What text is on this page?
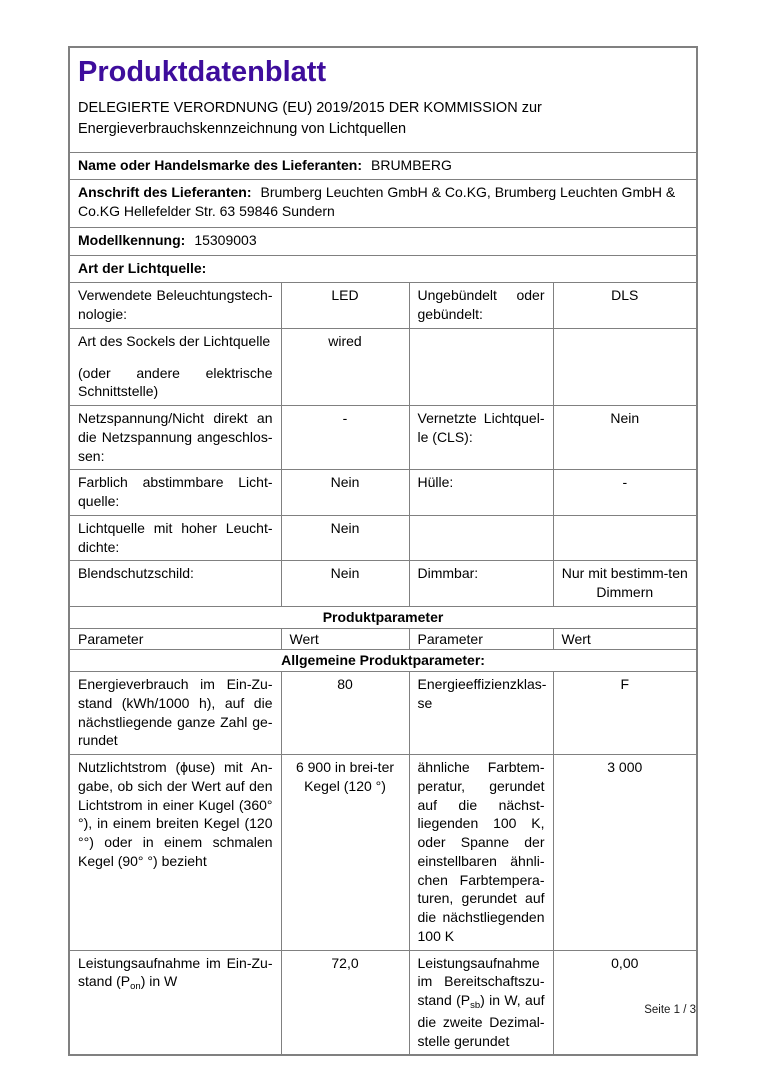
Produktdatenblatt
DELEGIERTE VERORDNUNG (EU) 2019/2015 DER KOMMISSION zur
Energieverbrauchskennzeichnung von Lichtquellen			

Name oder Handelsmarke des Lieferanten: BRUMBERG			
Anschrift des Lieferanten: Brumberg Leuchten GmbH & Co.KG, Brumberg Leuchten GmbH & Co.KG Hellefelder Str. 63 59846 Sundern			
Modellkennung: 15309003			
Art der Lichtquelle:			
Verwendete Beleuchtungstech-nologie:	LED	Ungebündelt oder gebündelt:	DLS

Art des Sockels der Lichtquelle
(oder andere elektrische Schnittstelle)	wired		
Netzspannung/Nicht direkt an die Netzspannung angeschlos-sen:	-	Vernetzte Lichtquel-le (CLS):	Nein
Farblich abstimmbare Licht-quelle:	Nein	Hülle:	-
Lichtquelle mit hoher Leucht-dichte:	Nein		
Blendschutzschild:	Nein	Dimmbar:	Nur mit bestimm-ten Dimmern
Produktparameter			
Parameter	Wert	Parameter	Wert
Allgemeine Produktparameter:			
Energieverbrauch im Ein-Zu-stand (kWh/1000 h), auf die nächstliegende ganze Zahl ge-rundet	80	Energieeffizienzklas-se	F
Nutzlichtstrom (ϕuse) mit An-gabe, ob sich der Wert auf den Lichtstrom in einer Kugel (360° °), in einem breiten Kegel (120 °°) oder in einem schmalen Kegel (90° °) bezieht	6 900 in brei-ter Kegel (120 °)	ähnliche Farbtem-peratur, gerundet auf die nächst-liegenden 100 K, oder Spanne der einstellbaren ähnli-chen Farbtempera-turen, gerundet auf die nächstliegenden 100 K	3 000
Leistungsaufnahme im Ein-Zu-stand $(P_{on})$ in W	72,0	Leistungsaufnahme im Bereitschaftszu-stand $(P_{sb})$ in W, auf die zweite Dezimal-stelle gerundet	0,00
Seite 1 / 3
